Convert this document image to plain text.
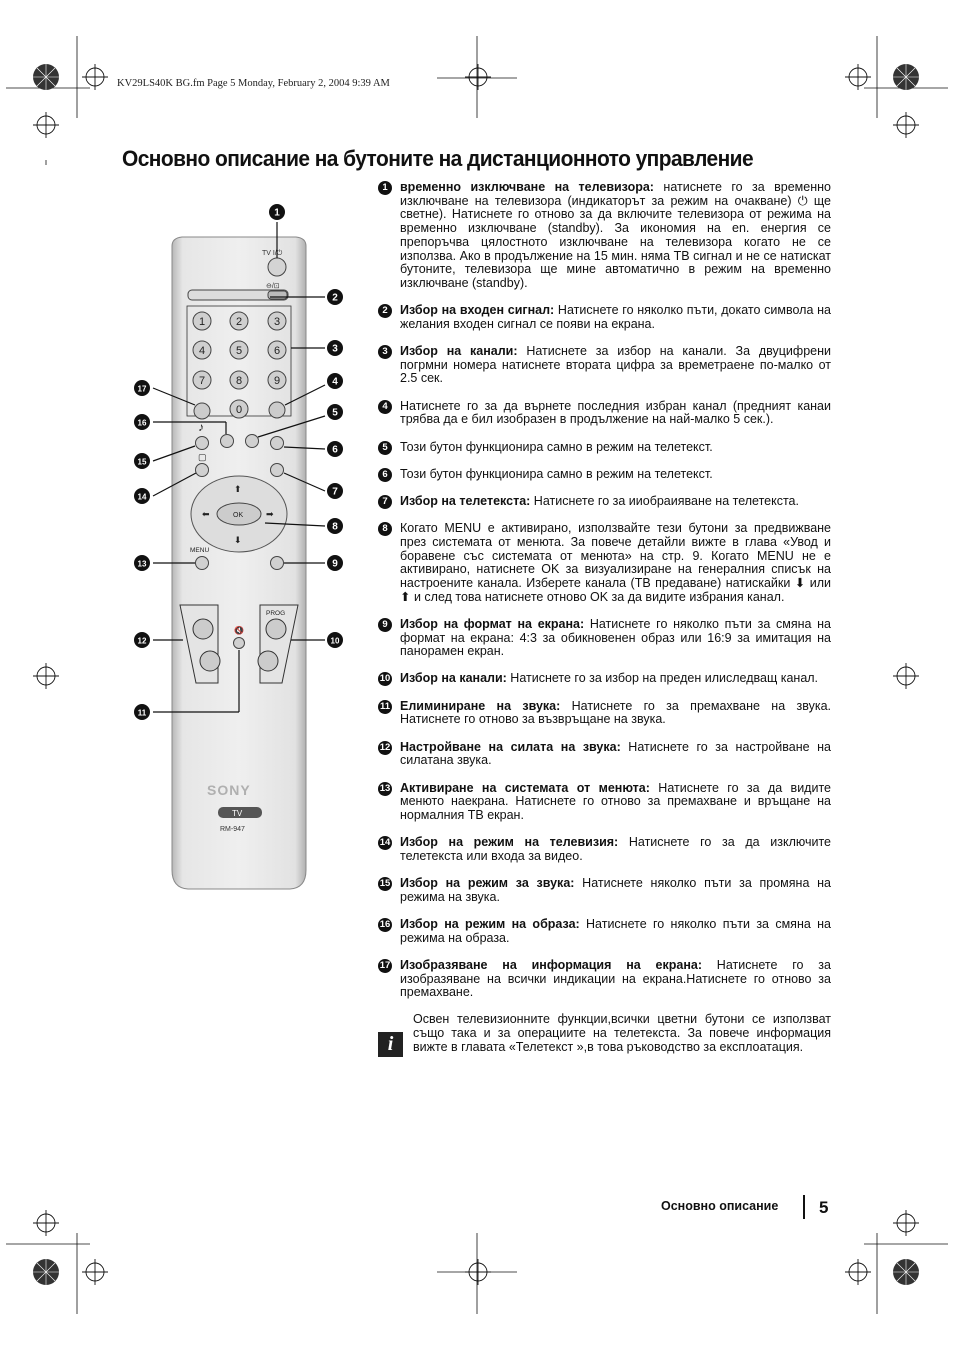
KV29LS40K BG.fm Page 5 Monday, February 2, 2004 9:39 AM
Основно описание на бутоните на дистанционното управление
TV I/⏻
⊖/⊡
1	2	3
4	5	6
7	8	9
0
♪
▢
OK
⬆
⬇
⬅	➡
MENU
PROG
🔇
SONY
TV
RM-947
1
2
3
4
5
6
7
8
9
10
11
12
13
14
15
16
17
1 временно изключване на телевизора: натиснете го за временно изключване на телевизора (индикаторът за режим на очакване) ⏻ ще светне). Натиснете го отново за да включите телевизора от режима на временно изключване (standby). За икономия на en. енергия се препоръчва цялостното изключване на телевизора когато не се използва. Ако в продължение на 15 мин. няма ТВ сигнал и не се натискат бутоните, телевизора ще мине автоматично в режим на временно изключване (standby).
2 Избор на входен сигнал: Натиснете го няколко пъти, докато символа на желания входен сигнал се появи на екрана.
3 Избор на канали: Натиснете за избор на канали. За двуцифрени погрмни номера натиснете втората цифра за времетраене по-малко от 2.5 сек.
4 Натиснете го за да върнете последния избран канал (предният канаи трябва да е бил изобразен в продължение на най-малко 5 сек.).
5 Този бутон функционира самно в режим на телетекст.
6 Този бутон функционира самно в режим на телетекст.
7 Избор на телетекста: Натиснете го за ииобраияване на телетекста.
8 Когато MENU е активирано, използвайте тези бутони за предвижване през системата от менюта. За повече детайли вижте в глава «Увод и боравене със системата от менюта» на стр. 9. Когато MENU не е активирано, натиснете OK за визуализиране на генералния списък на настроените канала. Изберете канала (ТВ предаване) натискайки ⬇ или ⬆ и след това натиснете отново OK за да видите избрания канал.
9 Избор на формат на екрана: Натиснете го няколко пъти за смяна на формат на екрана: 4:3 за обикновенен образ или 16:9 за имитация на панорамен екран.
10 Избор на канали: Натиснете го за избор на преден илиследващ канал.
11 Елиминиране на звука: Натиснете го за премахване на звука. Натиснете го отново за възвръщане на звука.
12 Настройване на силата на звука: Натиснете го за настройване на силатана звука.
13 Активиране на системата от менюта: Натиснете го за да видите менюто наекрана. Натиснете го отново за премахване и връщане на нормалния ТВ екран.
14 Избор на режим на телевизия: Натиснете го за да изключите телетекста или входа за видео.
15 Избор на режим за звука: Натиснете няколко пъти за промяна на режима на звука.
16 Избор на режим на образа: Натиснете го няколко пъти за смяна на режима на образа.
17 Изобразяване на информация на екрана: Натиснете го за изобразяване на всички индикации на екрана.Натиснете го отново за премахване.
i
Освен телевизионните функции,всички цветни бутони се използват също така и за операциите на телетекста. За повече информация вижте в главата «Телетекст »,в това ръководство за експлоатация.
Основно описание 5
